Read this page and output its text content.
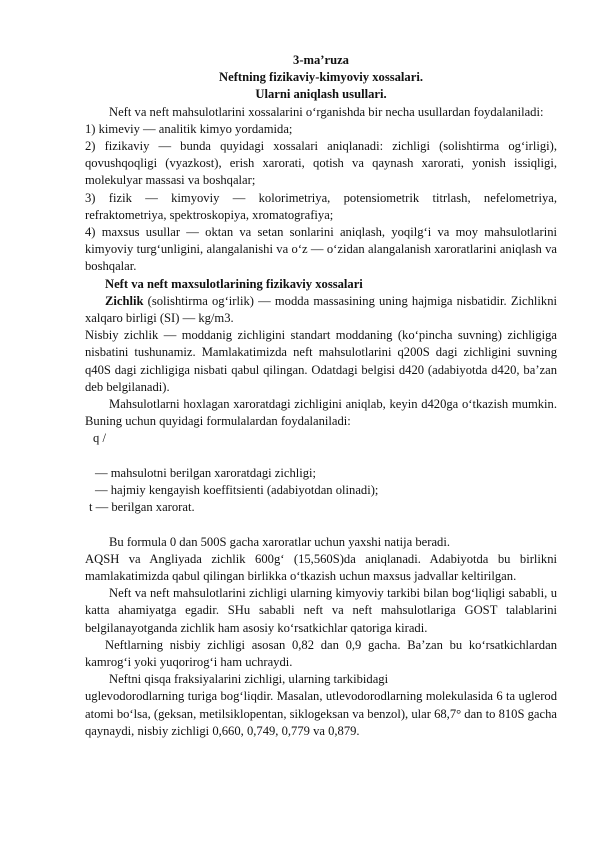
3-ma’ruza
Neftning fizikaviy-kimyoviy xossalari.
Ularni aniqlash usullari.

Neft va neft mahsulotlarini xossalarini o‘rganishda bir necha usullardan foydalaniladi:

1) kimeviy — analitik kimyo yordamida;

2) fizikaviy — bunda quyidagi xossalari aniqlanadi: zichligi (solishtirma og‘irligi), qovushqoqligi (vyazkost), erish xarorati, qotish va qaynash xarorati, yonish issiqligi, molekulyar massasi va boshqalar;

3) fizik — kimyoviy — kolorimetriya, potensiometrik titrlash, nefelometriya, refraktometriya, spektroskopiya, xromatografiya;

4) maxsus usullar — oktan va setan sonlarini aniqlash, yoqilg‘i va moy mahsulotlarini kimyoviy turg‘unligini, alangalanishi va o‘z — o‘zidan alangalanish xaroratlarini aniqlash va boshqalar.

Neft va neft maxsulotlarining fizikaviy xossalari

Zichlik (solishtirma og‘irlik) — modda massasining uning hajmiga nisbatidir. Zichlikni xalqaro birligi (SI) — kg/m3.

Nisbiy zichlik — moddanig zichligini standart moddaning (ko‘pincha suvning) zichligiga nisbatini tushunamiz. Mamlakatimizda neft mahsulotlarini q200S dagi zichligini suvning q40S dagi zichligiga nisbati qabul qilingan. Odatdagi belgisi d420 (adabiyotda d420, ba’zan deb belgilanadi).

Mahsulotlarni hoxlagan xaroratdagi zichligini aniqlab, keyin d420ga o‘tkazish mumkin. Buning uchun quyidagi formulalardan foydalaniladi:

q /

— mahsulotni berilgan xaroratdagi zichligi;

— hajmiy kengayish koeffitsienti (adabiyotdan olinadi);

t — berilgan xarorat.

Bu formula 0 dan 500S gacha xaroratlar uchun yaxshi natija beradi.

AQSH va Angliyada zichlik 600g‘ (15,560S)da aniqlanadi. Adabiyotda bu birlikni mamlakatimizda qabul qilingan birlikka o‘tkazish uchun maxsus jadvallar keltirilgan.

Neft va neft mahsulotlarini zichligi ularning kimyoviy tarkibi bilan bog‘liqligi sababli, u katta ahamiyatga egadir. SHu sababli neft va neft mahsulotlariga GOST talablarini belgilanayotganda zichlik ham asosiy ko‘rsatkichlar qatoriga kiradi.

Neftlarning nisbiy zichligi asosan 0,82 dan 0,9 gacha. Ba’zan bu ko‘rsatkichlardan kamrog‘i yoki yuqorirog‘i ham uchraydi.

Neftni qisqa fraksiyalarini zichligi, ularning tarkibidagi

uglevodorodlarning turiga bog‘liqdir. Masalan, utlevodorodlarning molekulasida 6 ta uglerod atomi bo‘lsa, (geksan, metilsiklopentan, siklogeksan va benzol), ular 68,7° dan to 810S gacha qaynaydi, nisbiy zichligi 0,660, 0,749, 0,779 va 0,879.
